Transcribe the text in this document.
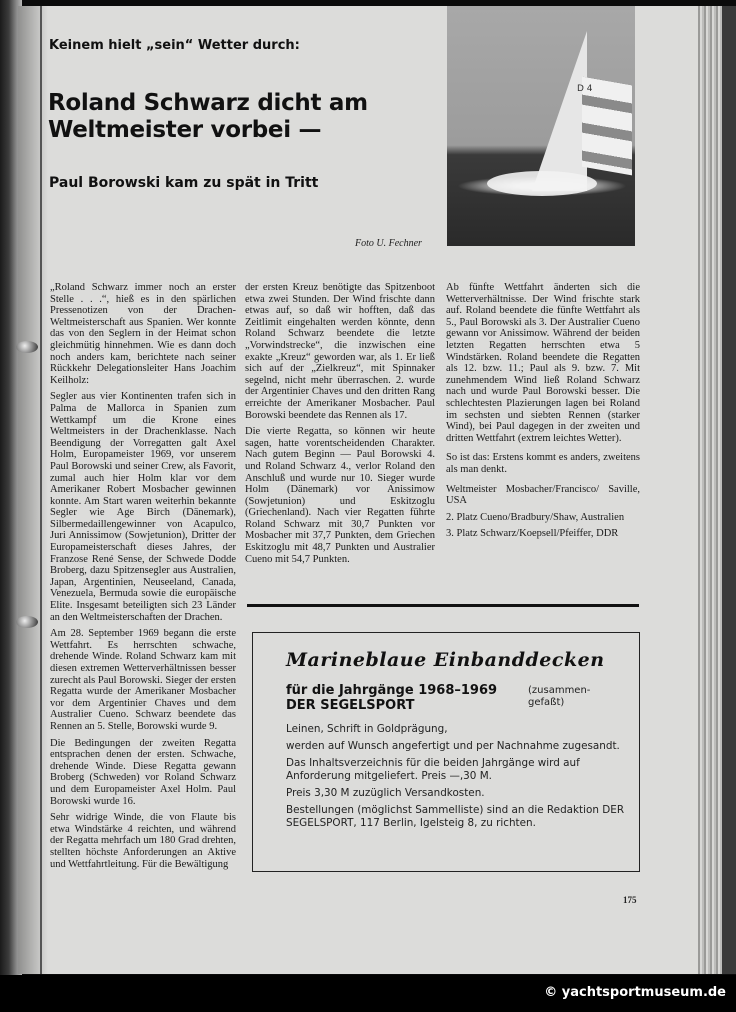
Keinem hielt „sein“ Wetter durch:
Roland Schwarz dicht am
Weltmeister vorbei —
Paul Borowski kam zu spät in Tritt
D 4
Foto U. Fechner

„Roland Schwarz immer noch an erster Stelle . . .“, hieß es in den spärlichen Pressenotizen von der Drachen-Weltmeisterschaft aus Spanien. Wer konnte das von den Seglern in der Heimat schon gleichmütig hinnehmen. Wie es dann doch noch anders kam, berichtete nach seiner Rückkehr Delegationsleiter Hans Joachim Keilholz:

Segler aus vier Kontinenten trafen sich in Palma de Mallorca in Spanien zum Wettkampf um die Krone eines Weltmeisters in der Drachenklasse. Nach Beendigung der Vorregatten galt Axel Holm, Europameister 1969, vor unserem Paul Borowski und seiner Crew, als Favorit, zumal auch hier Holm klar vor dem Amerikaner Robert Mosbacher gewinnen konnte. Am Start waren weiterhin bekannte Segler wie Age Birch (Dänemark), Silbermedaillengewinner von Acapulco, Juri Annissimow (Sowjetunion), Dritter der Europameisterschaft dieses Jahres, der Franzose René Sense, der Schwede Dodde Broberg, dazu Spitzensegler aus Australien, Japan, Argentinien, Neuseeland, Canada, Venezuela, Bermuda sowie die europäische Elite. Insgesamt beteiligten sich 23 Länder an den Weltmeisterschaften der Drachen.

Am 28. September 1969 begann die erste Wettfahrt. Es herrschten schwache, drehende Winde. Roland Schwarz kam mit diesen extremen Wetterverhältnissen besser zurecht als Paul Borowski. Sieger der ersten Regatta wurde der Amerikaner Mosbacher vor dem Argentinier Chaves und dem Australier Cueno. Schwarz beendete das Rennen an 5. Stelle, Borowski wurde 9.

Die Bedingungen der zweiten Regatta entsprachen denen der ersten. Schwache, drehende Winde. Diese Regatta gewann Broberg (Schweden) vor Roland Schwarz und dem Europameister Axel Holm. Paul Borowski wurde 16.

Sehr widrige Winde, die von Flaute bis etwa Windstärke 4 reichten, und während der Regatta mehrfach um 180 Grad drehten, stellten höchste Anforderungen an Aktive und Wettfahrtleitung. Für die Bewältigung

der ersten Kreuz benötigte das Spitzenboot etwa zwei Stunden. Der Wind frischte dann etwas auf, so daß wir hofften, daß das Zeitlimit eingehalten werden könnte, denn Roland Schwarz beendete die letzte „Vorwindstrecke“, die inzwischen eine exakte „Kreuz“ geworden war, als 1. Er ließ sich auf der „Zielkreuz“, mit Spinnaker segelnd, nicht mehr überraschen. 2. wurde der Argentinier Chaves und den dritten Rang erreichte der Amerikaner Mosbacher. Paul Borowski beendete das Rennen als 17.

Die vierte Regatta, so können wir heute sagen, hatte vorentscheidenden Charakter. Nach gutem Beginn — Paul Borowski 4. und Roland Schwarz 4., verlor Roland den Anschluß und wurde nur 10. Sieger wurde Holm (Dänemark) vor Anissimow (Sowjetunion) und Eskitzoglu (Griechenland). Nach vier Regatten führte Roland Schwarz mit 30,7 Punkten vor Mosbacher mit 37,7 Punkten, dem Griechen Eskitzoglu mit 48,7 Punkten und Australier Cueno mit 54,7 Punkten.

Ab fünfte Wettfahrt änderten sich die Wetterverhältnisse. Der Wind frischte stark auf. Roland beendete die fünfte Wettfahrt als 5., Paul Borowski als 3. Der Australier Cueno gewann vor Anissimow. Während der beiden letzten Regatten herrschten etwa 5 Windstärken. Roland beendete die Regatten als 12. bzw. 11.; Paul als 9. bzw. 7. Mit zunehmendem Wind ließ Roland Schwarz nach und wurde Paul Borowski besser. Die schlechtesten Plazierungen lagen bei Roland im sechsten und siebten Rennen (starker Wind), bei Paul dagegen in der zweiten und dritten Wettfahrt (extrem leichtes Wetter).

So ist das: Erstens kommt es anders, zweitens als man denkt.

Weltmeister Mosbacher/Francisco/ Saville, USA

2. Platz Cueno/Bradbury/Shaw, Australien

3. Platz Schwarz/Koepsell/Pfeiffer, DDR

Marineblaue Einbanddecken
für die Jahrgänge 1968–1969
DER SEGELSPORT
(zusammen-
gefaßt)

Leinen, Schrift in Goldprägung,

werden auf Wunsch angefertigt und per Nachnahme zugesandt.

Das Inhaltsverzeichnis für die beiden Jahrgänge wird auf Anforderung mitgeliefert. Preis —,30 M.

Preis 3,30 M zuzüglich Versandkosten.

Bestellungen (möglichst Sammelliste) sind an die Redaktion DER SEGELSPORT, 117 Berlin, Igelsteig 8, zu richten.

175
© yachtsportmuseum.de
